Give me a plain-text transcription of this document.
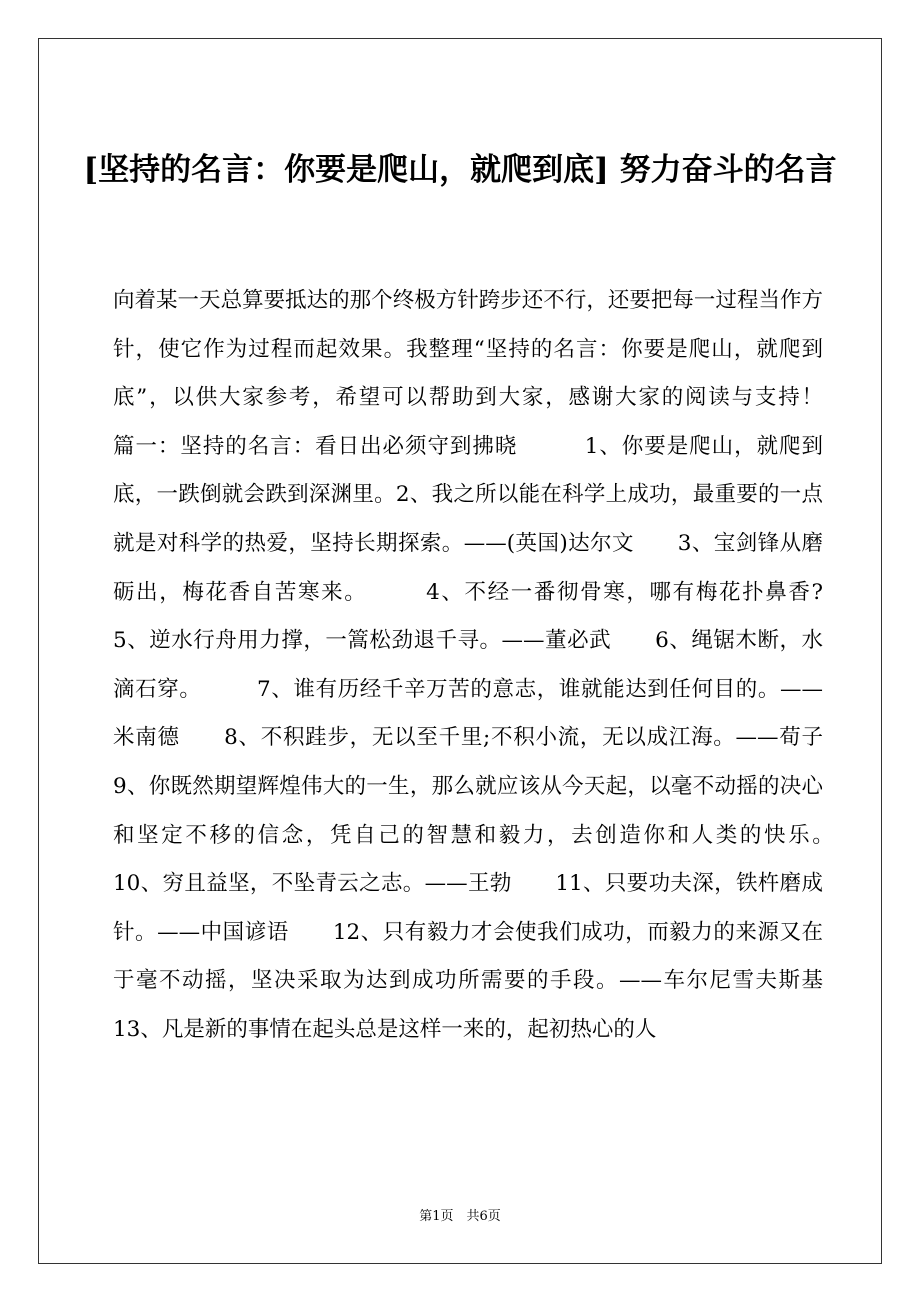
[坚持的名言：你要是爬山，就爬到底] 努力奋斗的名言

向着某一天总算要抵达的那个终极方针跨步还不行，还要把每一过程当作方针，使它作为过程而起效果。我整理“坚持的名言：你要是爬山，就爬到底”，以供大家参考，希望可以帮助到大家，感谢大家的阅读与支持！　　　篇一：坚持的名言：看日出必须守到拂晓　　　1、你要是爬山，就爬到底，一跌倒就会跌到深渊里。2、我之所以能在科学上成功，最重要的一点就是对科学的热爱，坚持长期探索。——(英国)达尔文　　3、宝剑锋从磨砺出，梅花香自苦寒来。　　　4、不经一番彻骨寒，哪有梅花扑鼻香?　　5、逆水行舟用力撑，一篙松劲退千寻。——董必武　　6、绳锯木断，水滴石穿。　　　7、谁有历经千辛万苦的意志，谁就能达到任何目的。——米南德　　8、不积跬步，无以至千里;不积小流，无以成江海。——荀子　　9、你既然期望辉煌伟大的一生，那么就应该从今天起，以毫不动摇的决心和坚定不移的信念，凭自己的智慧和毅力，去创造你和人类的快乐。　　　10、穷且益坚，不坠青云之志。——王勃　　11、只要功夫深，铁杵磨成针。——中国谚语　　12、只有毅力才会使我们成功，而毅力的来源又在于毫不动摇，坚决采取为达到成功所需要的手段。——车尔尼雪夫斯基　　13、凡是新的事情在起头总是这样一来的，起初热心的人

第1页　共6页
